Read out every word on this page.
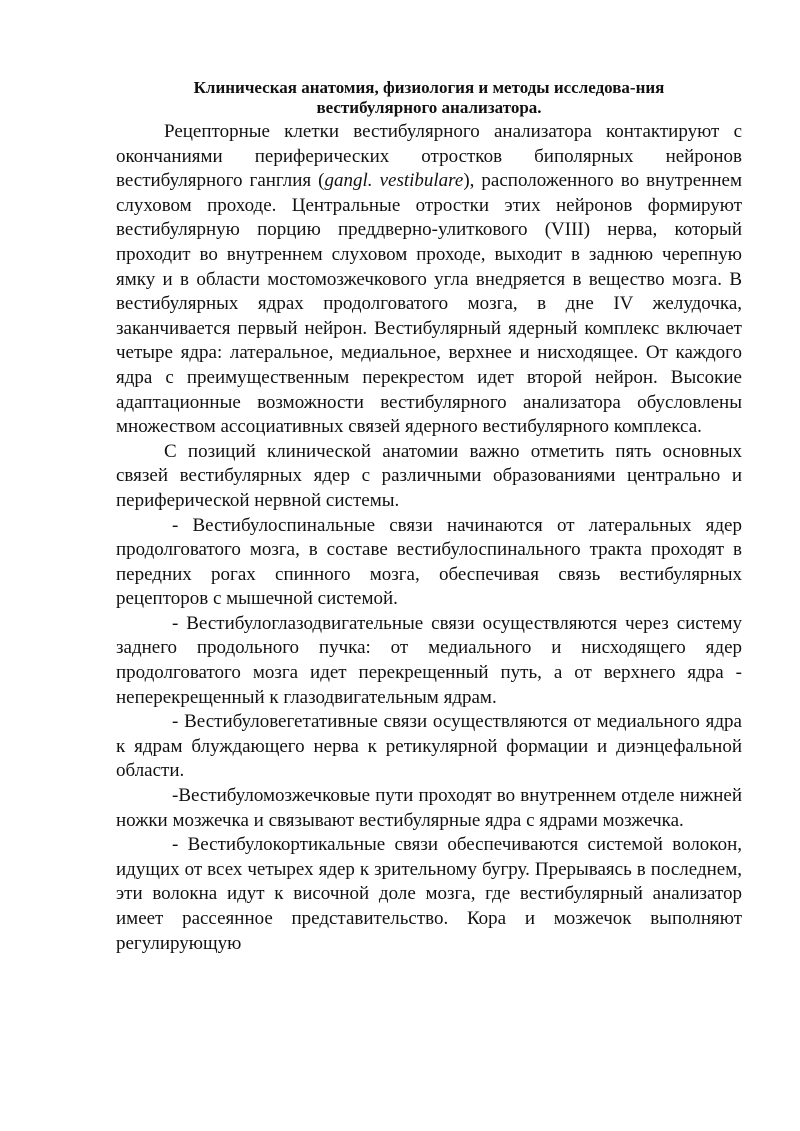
Клиническая анатомия, физиология и методы исследова-ния
вестибулярного анализатора.

Рецепторные клетки вестибулярного анализатора контактируют с окончаниями периферических отростков биполярных нейронов вестибулярного ганглия (gangl. vestibulare), расположенного во внутреннем слуховом проходе. Центральные отростки этих нейронов формируют вестибулярную порцию преддверно-улиткового (VIII) нерва, который проходит во внутреннем слуховом проходе, выходит в заднюю черепную ямку и в области мостомозжечкового угла внедряется в вещество мозга. В вестибулярных ядрах продолговатого мозга, в дне IV желудочка, заканчивается первый нейрон. Вестибулярный ядерный комплекс включает четыре ядра: латеральное, медиальное, верхнее и нисходящее. От каждого ядра с преимущественным перекрестом идет второй нейрон. Высокие адаптационные возможности вестибулярного анализатора обусловлены множеством ассоциативных связей ядерного вестибулярного комплекса.

С позиций клинической анатомии важно отметить пять основных связей вестибулярных ядер с различными образованиями центрально и периферической нервной системы.

- Вестибулоспинальные связи начинаются от латеральных ядер продолговатого мозга, в составе вестибулоспинального тракта проходят в передних рогах спинного мозга, обеспечивая связь вестибулярных рецепторов с мышечной системой.

- Вестибулоглазодвигательные связи осуществляются через систему заднего продольного пучка: от медиального и нисходящего ядер продолговатого мозга идет перекрещенный путь, а от верхнего ядра - неперекрещенный к глазодвигательным ядрам.

- Вестибуловегетативные связи осуществляются от медиального ядра к ядрам блуждающего нерва к ретикулярной формации и диэнцефальной области.

-Вестибуломозжечковые пути проходят во внутреннем отделе нижней ножки мозжечка и связывают вестибулярные ядра с ядрами мозжечка.

- Вестибулокортикальные связи обеспечиваются системой волокон, идущих от всех четырех ядер к зрительному бугру. Прерываясь в последнем, эти волокна идут к височной доле мозга, где вестибулярный анализатор имеет рассеянное представительство. Кора и мозжечок выполняют регулирующую
